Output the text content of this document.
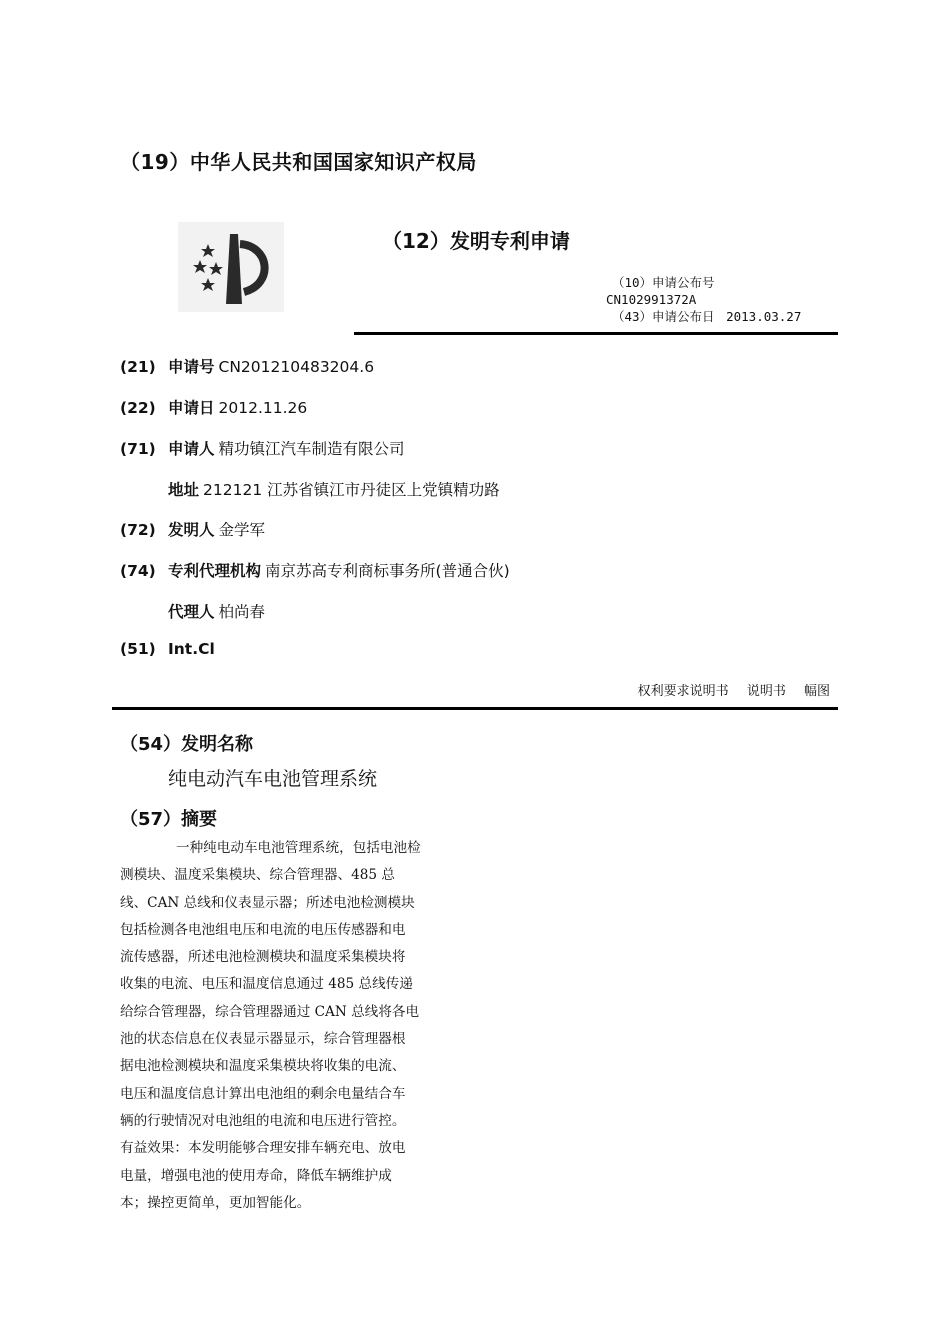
（19）中华人民共和国国家知识产权局
（12）发明专利申请
（10）申请公布号
CN102991372A
（43）申请公布日 2013.03.27
(21) 申请号 CN201210483204.6
(22) 申请日 2012.11.26
(71) 申请人 精功镇江汽车制造有限公司
地址 212121 江苏省镇江市丹徒区上党镇精功路
(72) 发明人 金学军
(74) 专利代理机构 南京苏高专利商标事务所(普通合伙)
代理人 柏尚春
(51) Int.Cl
权利要求说明书 说明书 幅图
（54）发明名称
纯电动汽车电池管理系统
（57）摘要
一种纯电动车电池管理系统，包括电池检
测模块、温度采集模块、综合管理器、485 总
线、CAN 总线和仪表显示器；所述电池检测模块
包括检测各电池组电压和电流的电压传感器和电
流传感器，所述电池检测模块和温度采集模块将
收集的电流、电压和温度信息通过 485 总线传递
给综合管理器，综合管理器通过 CAN 总线将各电
池的状态信息在仪表显示器显示，综合管理器根
据电池检测模块和温度采集模块将收集的电流、
电压和温度信息计算出电池组的剩余电量结合车
辆的行驶情况对电池组的电流和电压进行管控。
有益效果：本发明能够合理安排车辆充电、放电
电量，增强电池的使用寿命，降低车辆维护成
本；操控更简单，更加智能化。
